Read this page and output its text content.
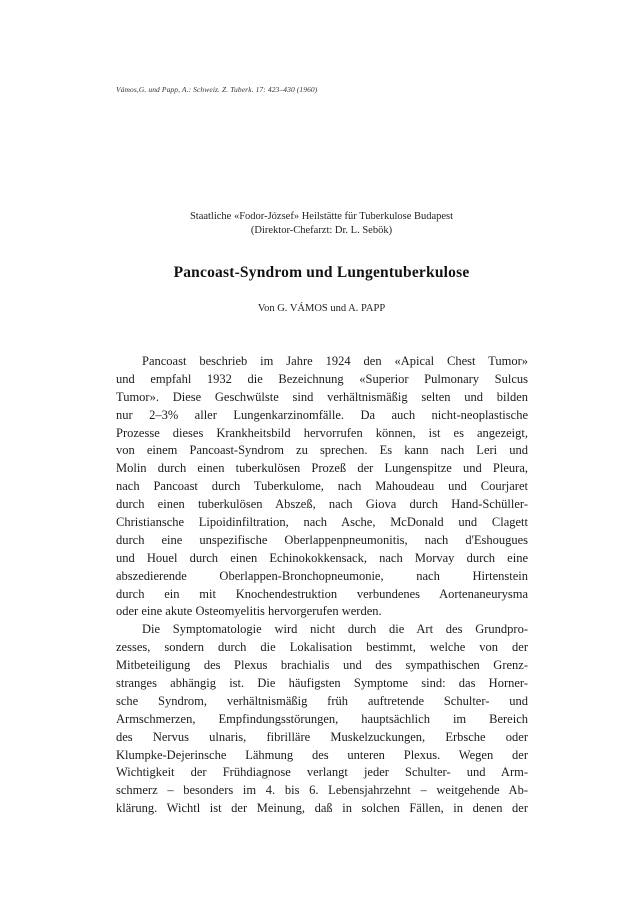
Vámos,G. und Papp, A.: Schweiz. Z. Tuberk. 17: 423–430 (1960)
Staatliche «Fodor-József» Heilstätte für Tuberkulose Budapest
(Direktor-Chefarzt: Dr. L. Sebök)
Pancoast-Syndrom und Lungentuberkulose
Von G. VÁMOS und A. PAPP
Pancoast beschrieb im Jahre 1924 den «Apical Chest Tumor»
und empfahl 1932 die Bezeichnung «Superior Pulmonary Sulcus
Tumor». Diese Geschwülste sind verhältnismäßig selten und bilden
nur 2–3% aller Lungenkarzinomfälle. Da auch nicht-neoplastische
Prozesse dieses Krankheitsbild hervorrufen können, ist es angezeigt,
von einem Pancoast-Syndrom zu sprechen. Es kann nach Leri und
Molin durch einen tuberkulösen Prozeß der Lungenspitze und Pleura,
nach Pancoast durch Tuberkulome, nach Mahoudeau und Courjaret
durch einen tuberkulösen Abszeß, nach Giova durch Hand-Schüller-
Christiansche Lipoidinfiltration, nach Asche, McDonald und Clagett
durch eine unspezifische Oberlappenpneumonitis, nach d'Eshougues
und Houel durch einen Echinokokkensack, nach Morvay durch eine
abszedierende Oberlappen-Bronchopneumonie, nach Hirtenstein
durch ein mit Knochendestruktion verbundenes Aortenaneurysma
oder eine akute Osteomyelitis hervorgerufen werden.
Die Symptomatologie wird nicht durch die Art des Grundpro-
zesses, sondern durch die Lokalisation bestimmt, welche von der
Mitbeteiligung des Plexus brachialis und des sympathischen Grenz-
stranges abhängig ist. Die häufigsten Symptome sind: das Horner-
sche Syndrom, verhältnismäßig früh auftretende Schulter- und
Armschmerzen, Empfindungsstörungen, hauptsächlich im Bereich
des Nervus ulnaris, fibrilläre Muskelzuckungen, Erbsche oder
Klumpke-Dejerinsche Lähmung des unteren Plexus. Wegen der
Wichtigkeit der Frühdiagnose verlangt jeder Schulter- und Arm-
schmerz – besonders im 4. bis 6. Lebensjahrzehnt – weitgehende Ab-
klärung. Wichtl ist der Meinung, daß in solchen Fällen, in denen der
